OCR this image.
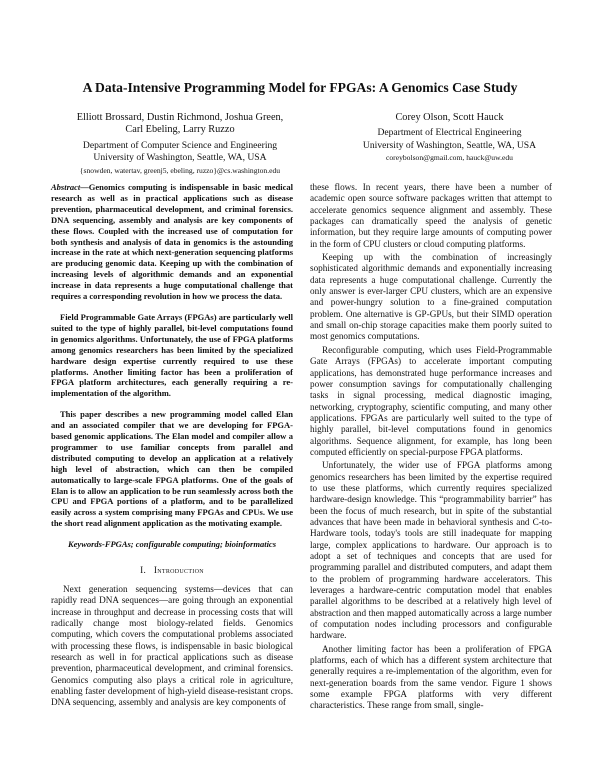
A Data-Intensive Programming Model for FPGAs: A Genomics Case Study
Elliott Brossard, Dustin Richmond, Joshua Green,
Carl Ebeling, Larry Ruzzo
Department of Computer Science and Engineering
University of Washington, Seattle, WA, USA
{snowden, watertav, greenj5, ebeling, ruzzo}@cs.washington.edu
Corey Olson, Scott Hauck
Department of Electrical Engineering
University of Washington, Seattle, WA, USA
coreybolson@gmail.com, hauck@uw.edu

Abstract—Genomics computing is indispensable in basic medical research as well as in practical applications such as disease prevention, pharmaceutical development, and criminal forensics. DNA sequencing, assembly and analysis are key components of these flows. Coupled with the increased use of computation for both synthesis and analysis of data in genomics is the astounding increase in the rate at which next-generation sequencing platforms are producing genomic data. Keeping up with the combination of increasing levels of algorithmic demands and an exponential increase in data represents a huge computational challenge that requires a corresponding revolution in how we process the data.

Field Programmable Gate Arrays (FPGAs) are particularly well suited to the type of highly parallel, bit-level computations found in genomics algorithms. Unfortunately, the use of FPGA platforms among genomics researchers has been limited by the specialized hardware design expertise currently required to use these platforms. Another limiting factor has been a proliferation of FPGA platform architectures, each generally requiring a re-implementation of the algorithm.

This paper describes a new programming model called Elan and an associated compiler that we are developing for FPGA-based genomic applications. The Elan model and compiler allow a programmer to use familiar concepts from parallel and distributed computing to develop an application at a relatively high level of abstraction, which can then be compiled automatically to large-scale FPGA platforms. One of the goals of Elan is to allow an application to be run seamlessly across both the CPU and FPGA portions of a platform, and to be parallelized easily across a system comprising many FPGAs and CPUs. We use the short read alignment application as the motivating example.

Keywords-FPGAs; configurable computing; bioinformatics
I. Introduction

Next generation sequencing systems—devices that can rapidly read DNA sequences—are going through an exponential increase in throughput and decrease in processing costs that will radically change most biology-related fields. Genomics computing, which covers the computational problems associated with processing these flows, is indispensable in basic biological research as well in for practical applications such as disease prevention, pharmaceutical development, and criminal forensics. Genomics computing also plays a critical role in agriculture, enabling faster development of high-yield disease-resistant crops. DNA sequencing, assembly and analysis are key components of

these flows. In recent years, there have been a number of academic open source software packages written that attempt to accelerate genomics sequence alignment and assembly. These packages can dramatically speed the analysis of genetic information, but they require large amounts of computing power in the form of CPU clusters or cloud computing platforms.

Keeping up with the combination of increasingly sophisticated algorithmic demands and exponentially increasing data represents a huge computational challenge. Currently the only answer is ever-larger CPU clusters, which are an expensive and power-hungry solution to a fine-grained computation problem. One alternative is GP-GPUs, but their SIMD operation and small on-chip storage capacities make them poorly suited to most genomics computations.

Reconfigurable computing, which uses Field-Programmable Gate Arrays (FPGAs) to accelerate important computing applications, has demonstrated huge performance increases and power consumption savings for computationally challenging tasks in signal processing, medical diagnostic imaging, networking, cryptography, scientific computing, and many other applications. FPGAs are particularly well suited to the type of highly parallel, bit-level computations found in genomics algorithms. Sequence alignment, for example, has long been computed efficiently on special-purpose FPGA platforms.

Unfortunately, the wider use of FPGA platforms among genomics researchers has been limited by the expertise required to use these platforms, which currently requires specialized hardware-design knowledge. This “programmability barrier” has been the focus of much research, but in spite of the substantial advances that have been made in behavioral synthesis and C-to-Hardware tools, today's tools are still inadequate for mapping large, complex applications to hardware. Our approach is to adopt a set of techniques and concepts that are used for programming parallel and distributed computers, and adapt them to the problem of programming hardware accelerators. This leverages a hardware-centric computation model that enables parallel algorithms to be described at a relatively high level of abstraction and then mapped automatically across a large number of computation nodes including processors and configurable hardware.

Another limiting factor has been a proliferation of FPGA platforms, each of which has a different system architecture that generally requires a re-implementation of the algorithm, even for next-generation boards from the same vendor. Figure 1 shows some example FPGA platforms with very different characteristics. These range from small, single-
